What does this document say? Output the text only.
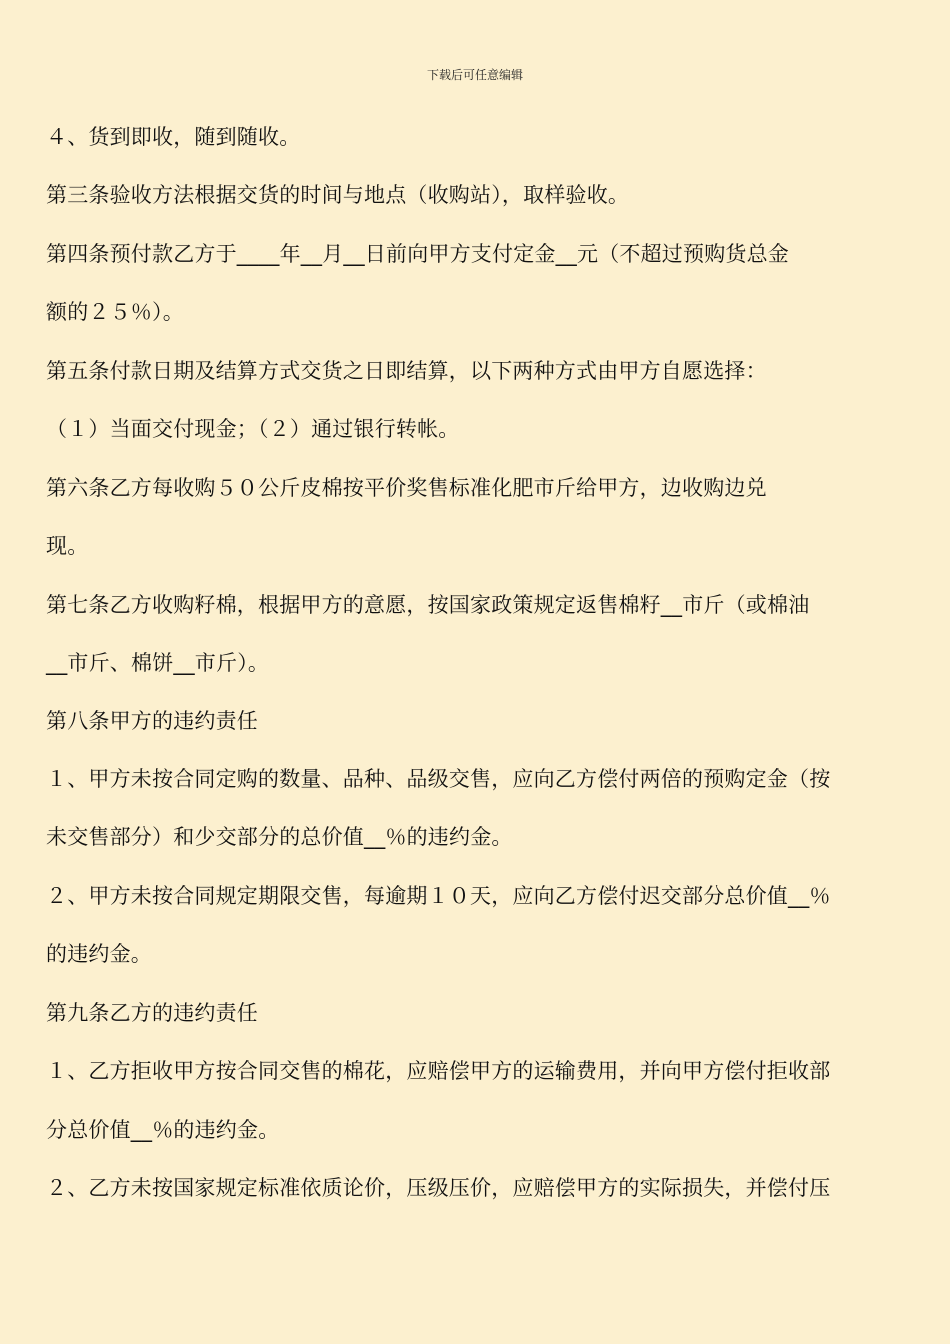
下载后可任意编辑
４、货到即收，随到随收。
第三条验收方法根据交货的时间与地点（收购站），取样验收。
第四条预付款乙方于____年__月__日前向甲方支付定金__元（不超过预购货总金
额的２５％）。
第五条付款日期及结算方式交货之日即结算，以下两种方式由甲方自愿选择：
（１）当面交付现金；（２）通过银行转帐。
第六条乙方每收购５０公斤皮棉按平价奖售标准化肥市斤给甲方，边收购边兑
现。
第七条乙方收购籽棉，根据甲方的意愿，按国家政策规定返售棉籽__市斤（或棉油
__市斤、棉饼__市斤）。
第八条甲方的违约责任
１、甲方未按合同定购的数量、品种、品级交售，应向乙方偿付两倍的预购定金（按
未交售部分）和少交部分的总价值__％的违约金。
２、甲方未按合同规定期限交售，每逾期１０天，应向乙方偿付迟交部分总价值__％
的违约金。
第九条乙方的违约责任
１、乙方拒收甲方按合同交售的棉花，应赔偿甲方的运输费用，并向甲方偿付拒收部
分总价值__％的违约金。
２、乙方未按国家规定标准依质论价，压级压价，应赔偿甲方的实际损失，并偿付压
